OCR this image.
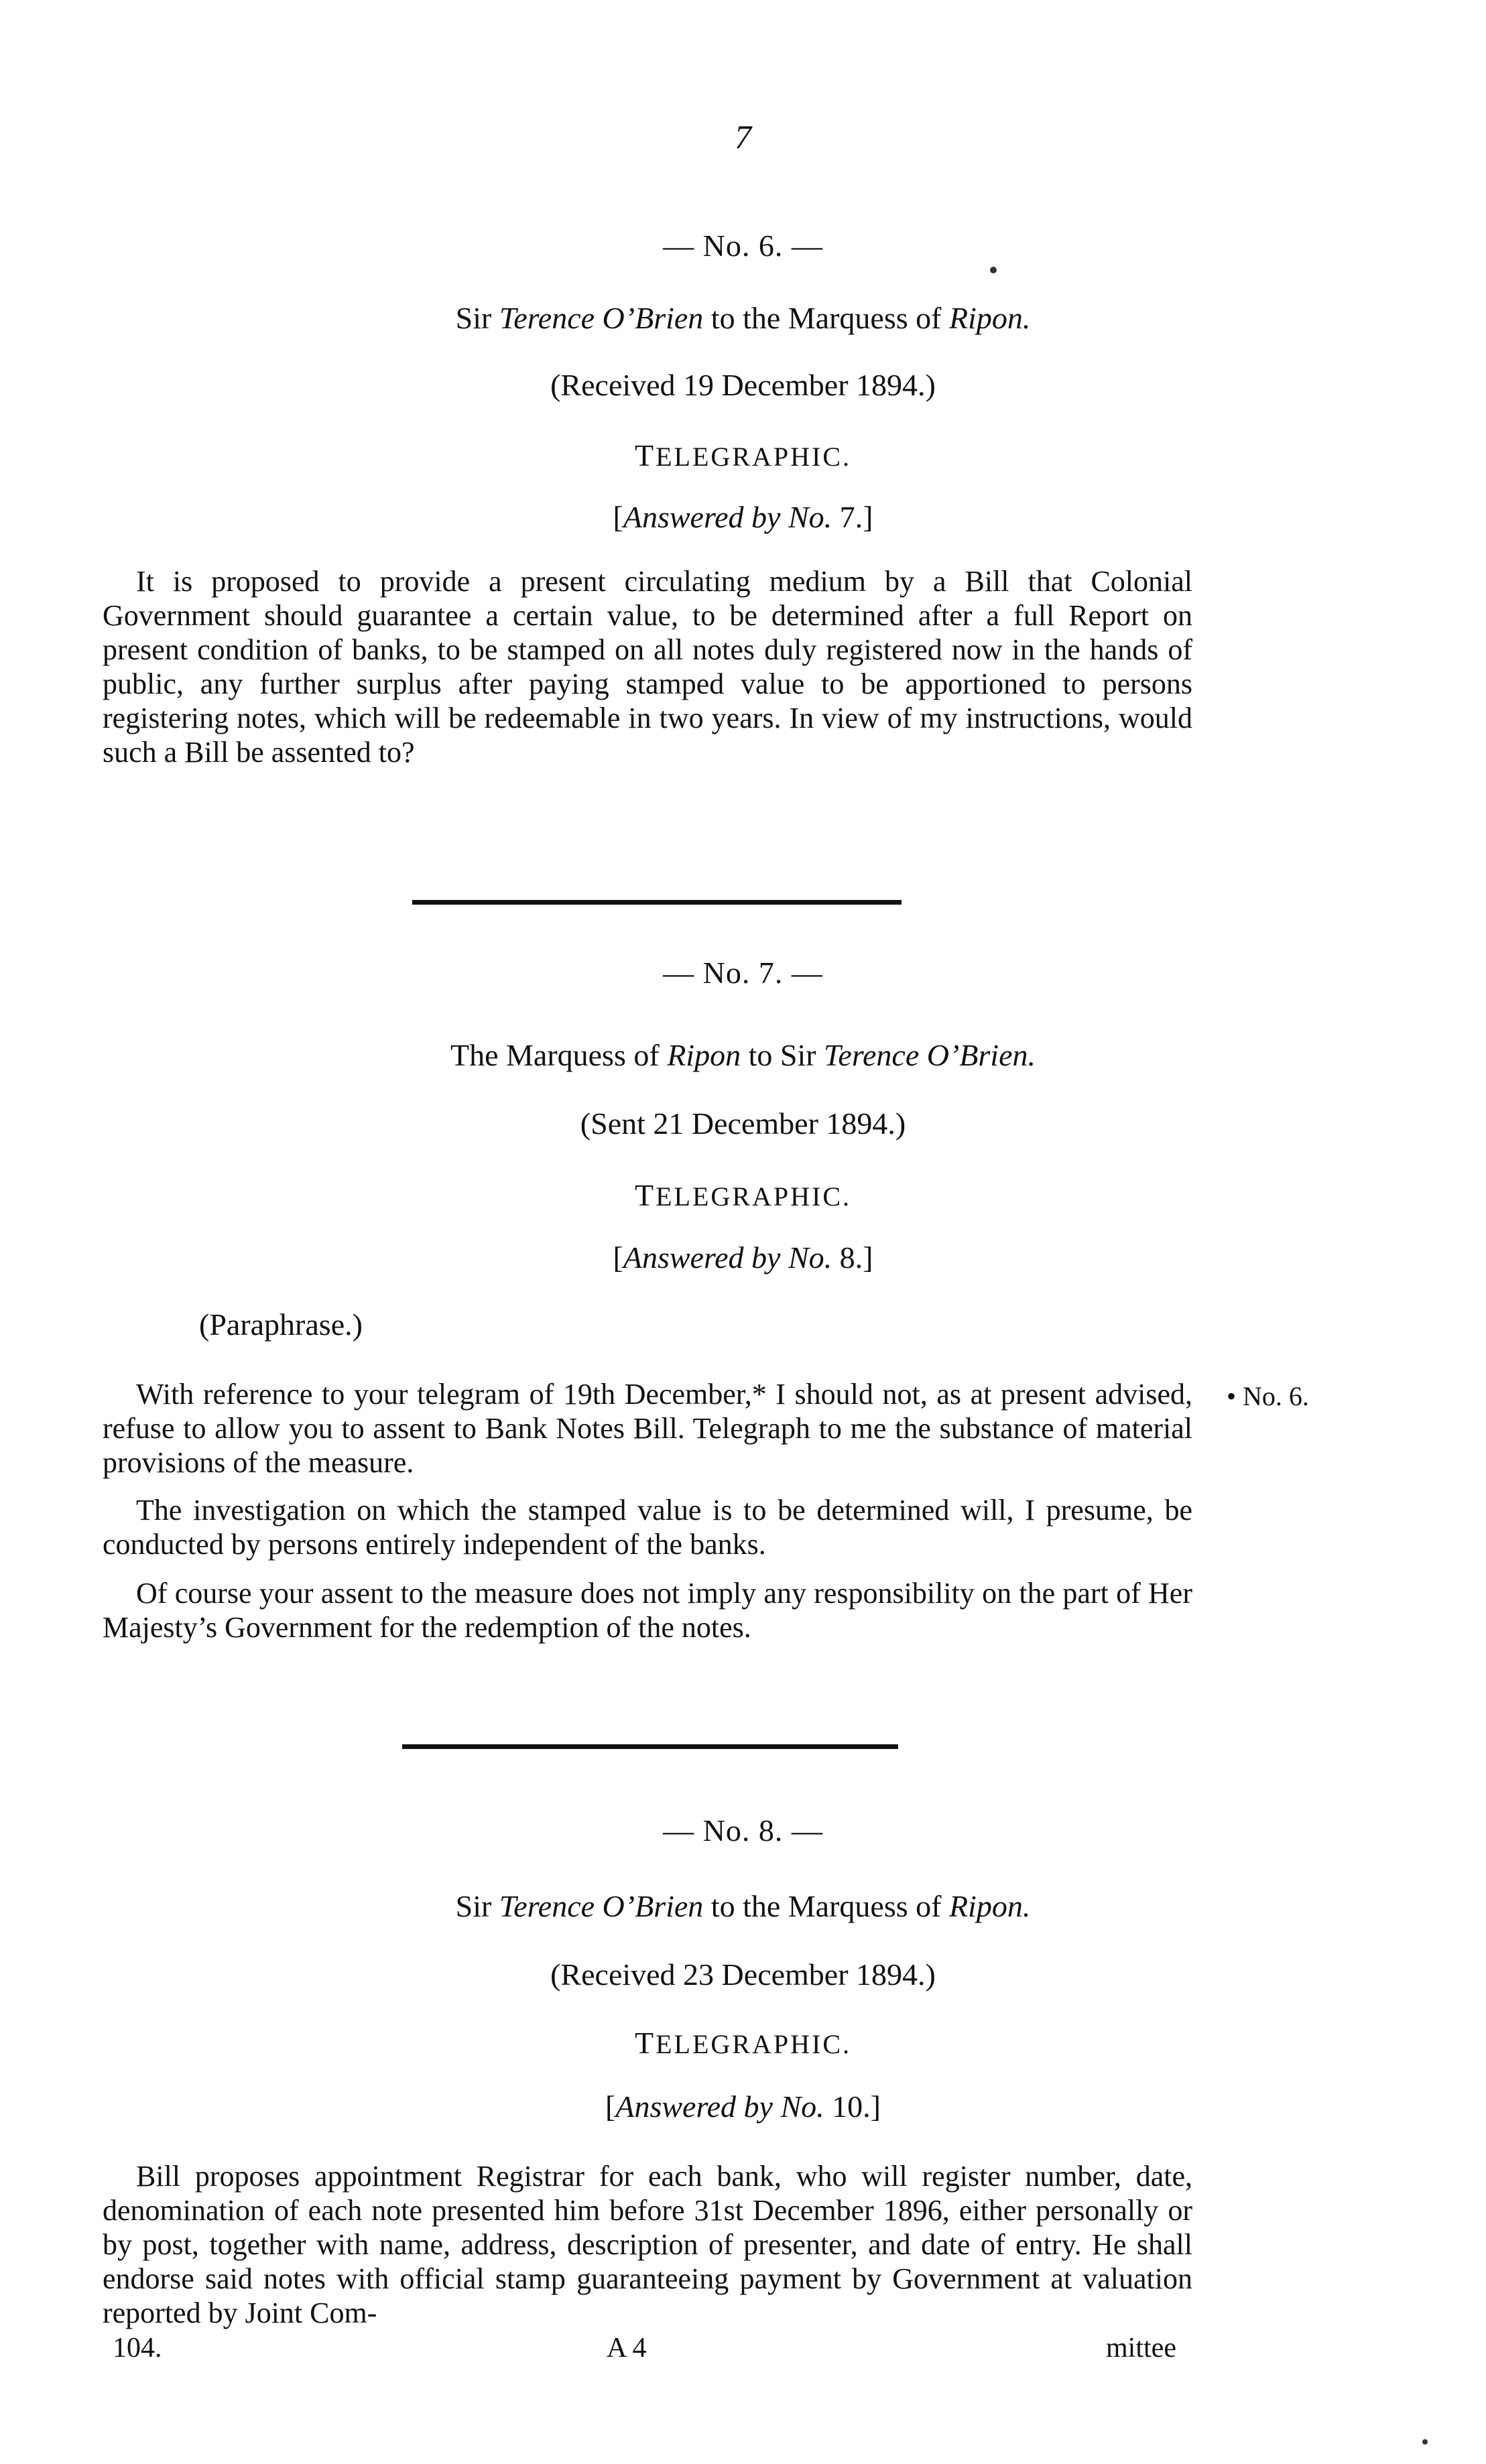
7
— No. 6. —
Sir Terence O’Brien to the Marquess of Ripon.
(Received 19 December 1894.)
TELEGRAPHIC.
[Answered by No. 7.]
It is proposed to provide a present circulating medium by a Bill that Colonial Government should guarantee a certain value, to be determined after a full Report on present condition of banks, to be stamped on all notes duly registered now in the hands of public, any further surplus after paying stamped value to be apportioned to persons registering notes, which will be redeemable in two years. In view of my instructions, would such a Bill be assented to?
— No. 7. —
The Marquess of Ripon to Sir Terence O’Brien.
(Sent 21 December 1894.)
TELEGRAPHIC.
[Answered by No. 8.]
(Paraphrase.)
• No. 6.
With reference to your telegram of 19th December,* I should not, as at present advised, refuse to allow you to assent to Bank Notes Bill. Telegraph to me the substance of material provisions of the measure.
The investigation on which the stamped value is to be determined will, I presume, be conducted by persons entirely independent of the banks.
Of course your assent to the measure does not imply any responsibility on the part of Her Majesty’s Government for the redemption of the notes.
— No. 8. —
Sir Terence O’Brien to the Marquess of Ripon.
(Received 23 December 1894.)
TELEGRAPHIC.
[Answered by No. 10.]
Bill proposes appointment Registrar for each bank, who will register number, date, denomination of each note presented him before 31st December 1896, either personally or by post, together with name, address, description of presenter, and date of entry. He shall endorse said notes with official stamp guaranteeing payment by Government at valuation reported by Joint Com-
104.	A 4	mittee
